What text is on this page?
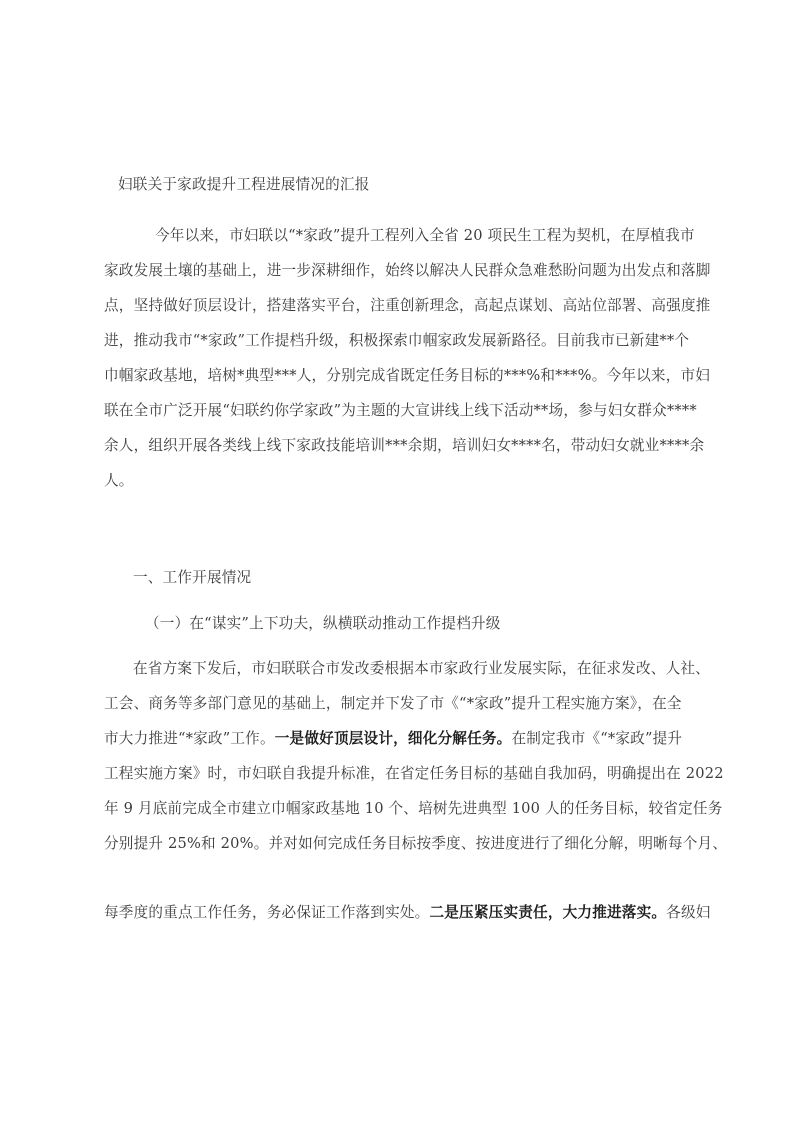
妇联关于家政提升工程进展情况的汇报
今年以来，市妇联以“*家政”提升工程列入全省 20 项民生工程为契机，在厚植我市
家政发展土壤的基础上，进一步深耕细作，始终以解决人民群众急难愁盼问题为出发点和落脚
点，坚持做好顶层设计，搭建落实平台，注重创新理念，高起点谋划、高站位部署、高强度推
进，推动我市“*家政”工作提档升级，积极探索巾帼家政发展新路径。目前我市已新建**个
巾帼家政基地，培树*典型***人，分别完成省既定任务目标的***%和***%。今年以来，市妇
联在全市广泛开展“妇联约你学家政”为主题的大宣讲线上线下活动**场，参与妇女群众****
余人，组织开展各类线上线下家政技能培训***余期，培训妇女****名，带动妇女就业****余
人。
一、工作开展情况
（一）在“谋实”上下功夫，纵横联动推动工作提档升级
在省方案下发后，市妇联联合市发改委根据本市家政行业发展实际，在征求发改、人社、
工会、商务等多部门意见的基础上，制定并下发了市《“*家政”提升工程实施方案》，在全
市大力推进“*家政”工作。一是做好顶层设计，细化分解任务。在制定我市《“*家政”提升
工程实施方案》时，市妇联自我提升标准，在省定任务目标的基础自我加码，明确提出在 2022
年 9 月底前完成全市建立巾帼家政基地 10 个、培树先进典型 100 人的任务目标，较省定任务
分别提升 25%和 20%。并对如何完成任务目标按季度、按进度进行了细化分解，明晰每个月、
每季度的重点工作任务，务必保证工作落到实处。二是压紧压实责任，大力推进落实。各级妇
